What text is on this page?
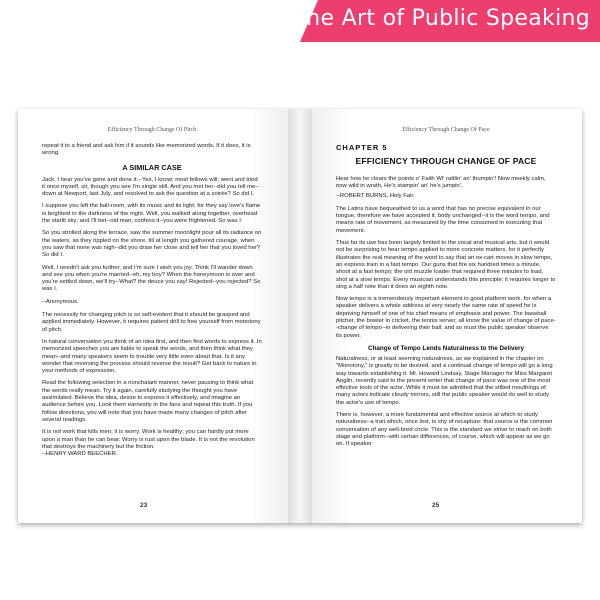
The Art of Public Speaking
Efficiency Through Change Of Pitch

repeat it to a friend and ask him if it sounds like memorized words. If it does, it is wrong.

A SIMILAR CASE

Jack, I hear you've gone and done it.--Yes, I know; most fellows will; went and tried it once myself, sir, though you see I'm single still. And you met her--did you tell me--down at Newport, last July, and resolved to ask the question at a soirée? So did I.

I suppose you left the ball-room, with its music and its light; for they say love's flame is brightest in the darkness of the night. Well, you walked along together, overhead the starlit sky; and I'll bet--old man, confess it--you were frightened. So was I.

So you strolled along the terrace, saw the summer moonlight pour all its radiance on the waters, as they rippled on the shore, till at length you gathered courage, when you saw that none was nigh--did you draw her close and tell her that you loved her? So did I.

Well, I needn't ask you further, and I'm sure I wish you joy. Think I'll wander down and see you when you're married--eh, my boy? When the honeymoon is over and you're settled down, we'll try--What? the deuce you say! Rejected--you rejected? So was I.

--Anonymous.

The necessity for changing pitch is so self-evident that it should be grasped and applied immediately. However, it requires patient drill to free yourself from monotony of pitch.

In natural conversation you think of an idea first, and then find words to express it. In memorized speeches you are liable to speak the words, and then think what they mean--and many speakers seem to trouble very little even about that. Is it any wonder that reversing the process should reverse the result? Get back to nature in your methods of expression.

Read the following selection in a nonchalant manner, never pausing to think what the words really mean. Try it again, carefully studying the thought you have assimilated. Believe the idea, desire to express it effectively, and imagine an audience before you. Look them earnestly in the face and repeat this truth. If you follow directions, you will note that you have made many changes of pitch after several readings.

It is not work that kills men; it is worry. Work is healthy; you can hardly put more upon a man than he can bear. Worry is rust upon the blade. It is not the revolution that destroys the machinery but the friction.

--HENRY WARD BEECHER.
23
Efficiency Through Change Of Pace
CHAPTER 5
EFFICIENCY THROUGH CHANGE OF PACE

Hear how he clears the points o' Faith Wi' rattlin' an' thumpin'! Now meekly calm, now wild in wrath, He's stampin' an' he's jumpin'.

--ROBERT BURNS, Holy Fair.

The Latins have bequeathed to us a word that has no precise equivalent in our tongue, therefore we have accepted it, body unchanged--it is the word tempo, and means rate of movement, as measured by the time consumed in executing that movement.

Thus far its use has been largely limited to the vocal and musical arts, but it would not be surprising to hear tempo applied to more concrete matters, for it perfectly illustrates the real meaning of the word to say that an ox-cart moves in slow tempo, an express train in a fast tempo. Our guns that fire six hundred times a minute, shoot at a fast tempo; the old muzzle loader that required three minutes to load, shot at a slow tempo. Every musician understands this principle: it requires longer to sing a half note than it does an eighth note.

Now tempo is a tremendously important element in good platform work, for when a speaker delivers a whole address at very nearly the same rate of speed he is depriving himself of one of his chief means of emphasis and power. The baseball pitcher, the bowler in cricket, the tennis server, all know the value of change of pace--change of tempo--in delivering their ball, and so must the public speaker observe its power.

Change of Tempo Lends Naturalness to the Delivery

Naturalness, or at least seeming naturalness, as we explained in the chapter on "Monotony," is greatly to be desired, and a continual change of tempo will go a long way towards establishing it. Mr. Howard Lindsay, Stage Manager for Miss Margaret Anglin, recently said to the present writer that change of pace was one of the most effective tools of the actor. While it must be admitted that the stilted mouthings of many actors indicate cloudy mirrors, still the public speaker would do well to study the actor's use of tempo.

There is, however, a more fundamental and effective source at which to study naturalness--a trait which, once lost, is shy of recapture: that source is the common conversation of any well-bred circle. This is the standard we strive to reach on both stage and platform--with certain differences, of course, which will appear as we go on. If speaker

25
